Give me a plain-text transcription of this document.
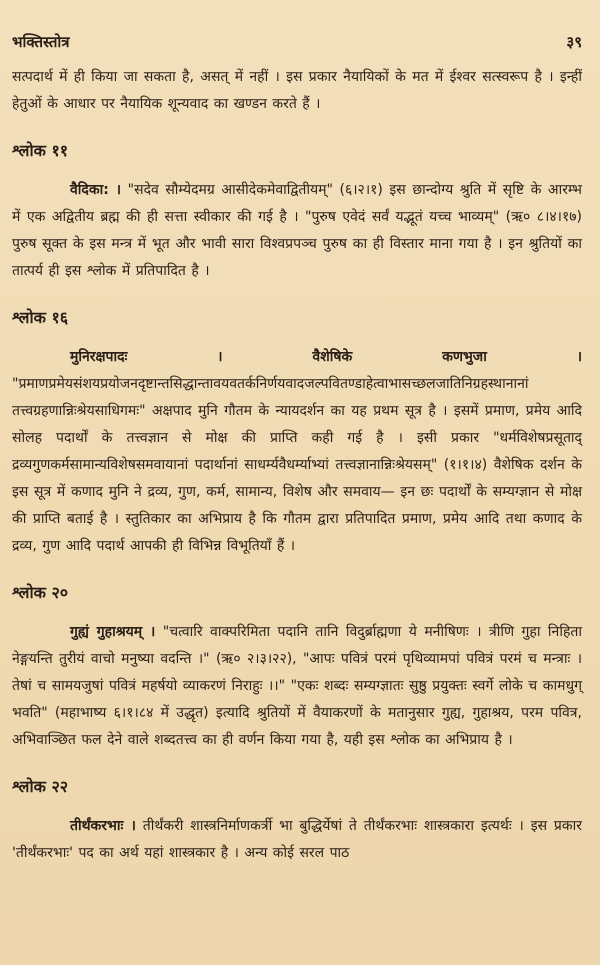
भक्तिस्तोत्र	३९

सत्पदार्थ में ही किया जा सकता है, असत् में नहीं । इस प्रकार नैयायिकों के मत में ईश्वर सत्स्वरूप है । इन्हीं हेतुओं के आधार पर नैयायिक शून्यवाद का खण्डन करते हैं ।

श्लोक ११

वैदिका: । "सदेव सौम्येदमग्र आसीदेकमेवाद्वितीयम्" (६।२।१) इस छान्दोग्य श्रुति में सृष्टि के आरम्भ में एक अद्वितीय ब्रह्म की ही सत्ता स्वीकार की गई है । "पुरुष एवेदं सर्वं यद्भूतं यच्च भाव्यम्" (ऋ० ८।४।१७) पुरुष सूक्त के इस मन्त्र में भूत और भावी सारा विश्वप्रपञ्च पुरुष का ही विस्तार माना गया है । इन श्रुतियों का तात्पर्य ही इस श्लोक में प्रतिपादित है ।

श्लोक १६

मुनिरक्षपादः । वैशेषिके कणभुजा । "प्रमाणप्रमेयसंशयप्रयोजनदृष्टान्तसिद्धान्तावयवतर्कनिर्णयवादजल्पवितण्डाहेत्वाभासच्छलजातिनिग्रहस्थानानां तत्त्वग्रहणान्निःश्रेयसाधिगमः" अक्षपाद मुनि गौतम के न्यायदर्शन का यह प्रथम सूत्र है । इसमें प्रमाण, प्रमेय आदि सोलह पदार्थों के तत्त्वज्ञान से मोक्ष की प्राप्ति कही गई है । इसी प्रकार "धर्मविशेषप्रसूताद् द्रव्यगुणकर्मसामान्यविशेषसमवायानां पदार्थानां साधर्म्यवैधर्म्याभ्यां तत्त्वज्ञानान्निःश्रेयसम्" (१।१।४) वैशेषिक दर्शन के इस सूत्र में कणाद मुनि ने द्रव्य, गुण, कर्म, सामान्य, विशेष और समवाय— इन छः पदार्थों के सम्यग्ज्ञान से मोक्ष की प्राप्ति बताई है । स्तुतिकार का अभिप्राय है कि गौतम द्वारा प्रतिपादित प्रमाण, प्रमेय आदि तथा कणाद के द्रव्य, गुण आदि पदार्थ आपकी ही विभिन्न विभूतियाँ हैं ।

श्लोक २०

गुह्यं गुहाश्रयम् । "चत्वारि वाक्परिमिता पदानि तानि विदुर्ब्राह्मणा ये मनीषिणः । त्रीणि गुहा निहिता नेङ्गयन्ति तुरीयं वाचो मनुष्या वदन्ति ।" (ऋ० २।३।२२), "आपः पवित्रं परमं पृथिव्यामपां पवित्रं परमं च मन्त्राः । तेषां च सामयजुषां पवित्रं महर्षयो व्याकरणं निराहुः ।।" "एकः शब्दः सम्यग्ज्ञातः सुष्ठु प्रयुक्तः स्वर्गे लोके च कामधुग् भवति" (महाभाष्य ६।१।८४ में उद्धृत) इत्यादि श्रुतियों में वैयाकरणों के मतानुसार गुह्य, गुहाश्रय, परम पवित्र, अभिवाञ्छित फल देने वाले शब्दतत्त्व का ही वर्णन किया गया है, यही इस श्लोक का अभिप्राय है ।

श्लोक २२

तीर्थंकरभाः । तीर्थंकरी शास्त्रनिर्माणकर्त्री भा बुद्धिर्येषां ते तीर्थंकरभाः शास्त्रकारा इत्यर्थः । इस प्रकार 'तीर्थंकरभाः' पद का अर्थ यहां शास्त्रकार है । अन्य कोई सरल पाठ
